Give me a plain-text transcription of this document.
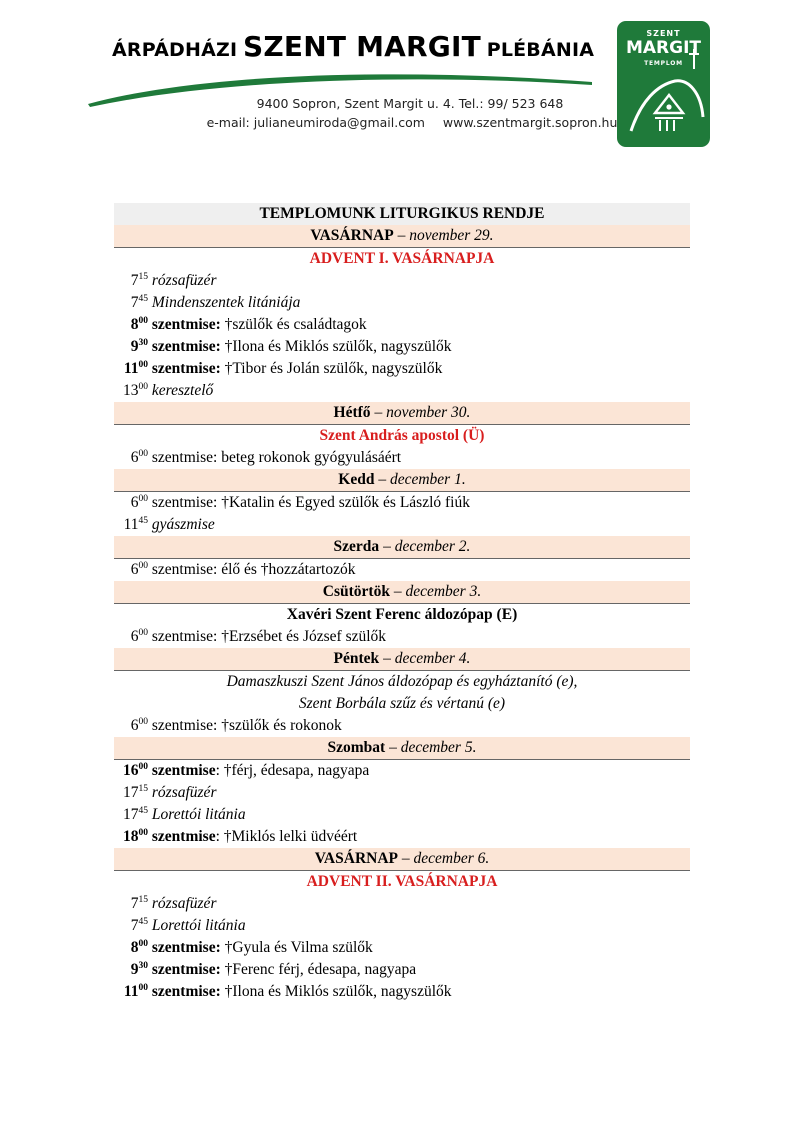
ÁRPÁDHÁZI SZENT MARGIT PLÉBÁNIA
9400 Sopron, Szent Margit u. 4. Tel.: 99/ 523 648
e-mail: julianeumiroda@gmail.com www.szentmargit.sopron.hu
SZENT
MARGIT
TEMPLOM
TEMPLOMUNK LITURGIKUS RENDJE
VASÁRNAP – november 29.
ADVENT I. VASÁRNAPJA
$7^{15}$ rózsafüzér
$7^{45}$ Mindenszentek litániája
$8^{00}$ szentmise: †szülők és családtagok
$9^{30}$ szentmise: †Ilona és Miklós szülők, nagyszülők
$11^{00}$ szentmise: †Tibor és Jolán szülők, nagyszülők
$13^{00}$ keresztelő
Hétfő – november 30.
Szent András apostol (Ü)
$6^{00}$ szentmise: beteg rokonok gyógyulásáért
Kedd – december 1.
$6^{00}$ szentmise: †Katalin és Egyed szülők és László fiúk
$11^{45}$ gyászmise
Szerda – december 2.
$6^{00}$ szentmise: élő és †hozzátartozók
Csütörtök – december 3.
Xavéri Szent Ferenc áldozópap (E)
$6^{00}$ szentmise: †Erzsébet és József szülők
Péntek – december 4.
Damaszkuszi Szent János áldozópap és egyháztanító (e),
Szent Borbála szűz és vértanú (e)
$6^{00}$ szentmise: †szülők és rokonok
Szombat – december 5.
$16^{00}$ szentmise: †férj, édesapa, nagyapa
$17^{15}$ rózsafüzér
$17^{45}$ Lorettói litánia
$18^{00}$ szentmise: †Miklós lelki üdvéért
VASÁRNAP – december 6.
ADVENT II. VASÁRNAPJA
$7^{15}$ rózsafüzér
$7^{45}$ Lorettói litánia
$8^{00}$ szentmise: †Gyula és Vilma szülők
$9^{30}$ szentmise: †Ferenc férj, édesapa, nagyapa
$11^{00}$ szentmise: †Ilona és Miklós szülők, nagyszülők
